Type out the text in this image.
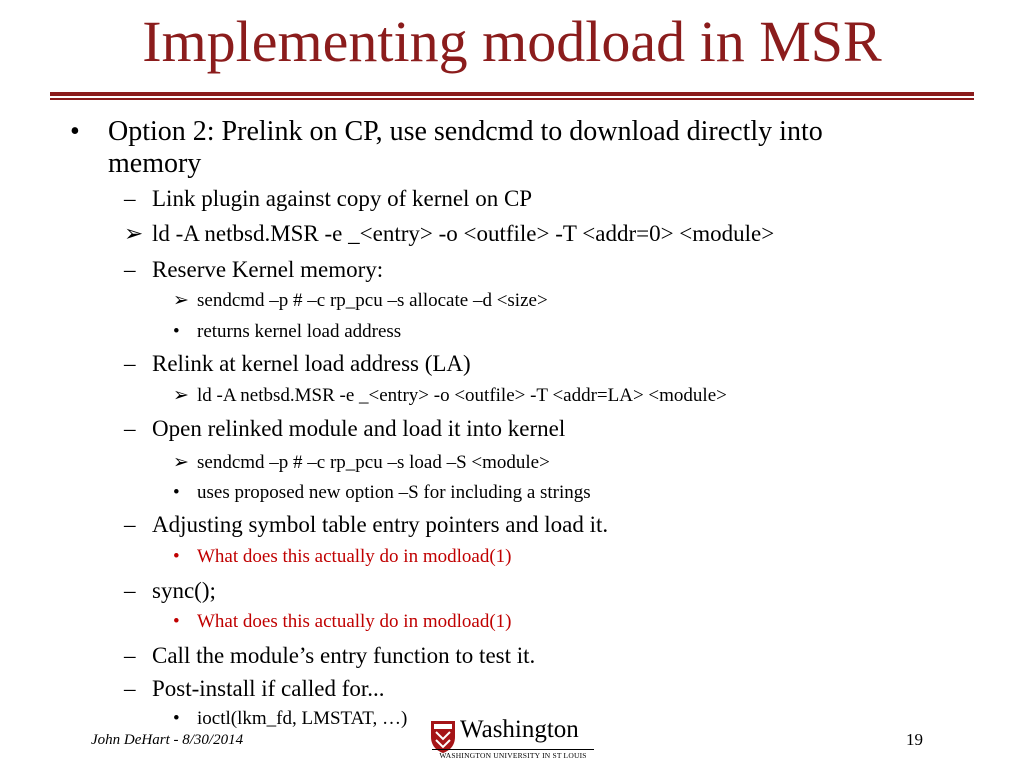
Implementing modload in MSR
• Option 2: Prelink on CP, use sendcmd to download directly into
memory
– Link plugin against copy of kernel on CP
➢ ld -A netbsd.MSR -e _<entry> -o <outfile> -T <addr=0> <module>
– Reserve Kernel memory:
➢ sendcmd –p # –c rp_pcu –s allocate –d <size>
• returns kernel load address
– Relink at kernel load address (LA)
➢ ld -A netbsd.MSR -e _<entry> -o <outfile> -T <addr=LA> <module>
– Open relinked module and load it into kernel
➢ sendcmd –p # –c rp_pcu –s load –S <module>
• uses proposed new option –S for including a strings
– Adjusting symbol table entry pointers and load it.
• What does this actually do in modload(1)
– sync();
• What does this actually do in modload(1)
– Call the module’s entry function to test it.
– Post-install if called for...
• ioctl(lkm_fd, LMSTAT, …)
John DeHart - 8/30/2014	Washington
WASHINGTON UNIVERSITY IN ST LOUIS
19
